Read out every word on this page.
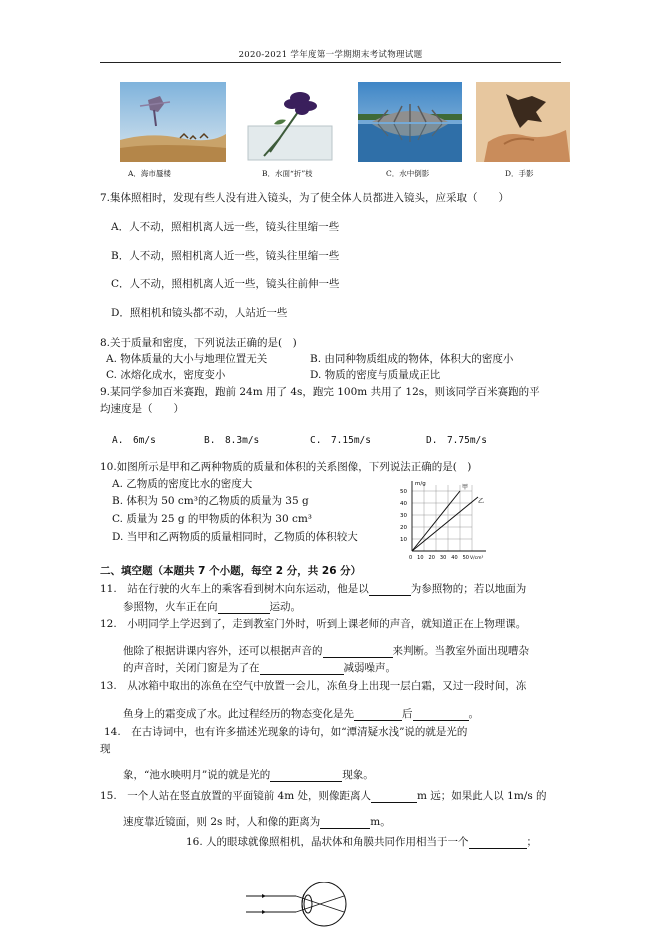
2020-2021 学年度第一学期期末考试物理试题
A．海市蜃楼	B．水面“折”枝	C．水中倒影	D．手影
7.集体照相时，发现有些人没有进入镜头，为了使全体人员都进入镜头，应采取（　　）
A．人不动，照相机离人远一些，镜头往里缩一些
B．人不动，照相机离人近一些，镜头往里缩一些
C．人不动，照相机离人近一些，镜头往前伸一些
D．照相机和镜头都不动，人站近一些
8.关于质量和密度，下列说法正确的是(　)
A. 物体质量的大小与地理位置无关	B. 由同种物质组成的物体，体积大的密度小
C. 冰熔化成水，密度变小	D. 物质的密度与质量成正比
9.某同学参加百米赛跑，跑前 24m 用了 4s，跑完 100m 共用了 12s，则该同学百米赛跑的平
均速度是（　　）
A.　6m/s	B.　8.3m/s	C.　7.15m/s	D.　7.75m/s
10.如图所示是甲和乙两种物质的质量和体积的关系图像，下列说法正确的是(　)
A. 乙物质的密度比水的密度大
B. 体积为 50 cm³的乙物质的质量为 35 g
C. 质量为 25 g 的甲物质的体积为 30 cm³
D. 当甲和乙两物质的质量相同时，乙物质的体积较大
m/g	甲
乙
50
40
30
20
10
0　10　20　30　40　50 V/cm³
二、填空题（本题共 7 个小题，每空 2 分，共 26 分）
11.　站在行驶的火车上的乘客看到树木向东运动，他是以	为参照物的；若以地面为
参照物，火车正在向	运动。
12.　小明同学上学迟到了，走到教室门外时，听到上课老师的声音，就知道正在上物理课。
他除了根据讲课内容外，还可以根据声音的	来判断。当教室外面出现嘈杂
的声音时，关闭门窗是为了在	减弱噪声。
13.　从冰箱中取出的冻鱼在空气中放置一会儿，冻鱼身上出现一层白霜，又过一段时间，冻
鱼身上的霜变成了水。此过程经历的物态变化是先	后	。
14.　在古诗词中，也有许多描述光现象的诗句，如“潭清疑水浅”说的就是光的
现
象，“池水映明月”说的就是光的	现象。
15.　一个人站在竖直放置的平面镜前 4m 处，则像距离人	m 远；如果此人以 1m/s 的
速度靠近镜面，则 2s 时，人和像的距离为	m。
16. 人的眼球就像照相机，晶状体和角膜共同作用相当于一个	；
